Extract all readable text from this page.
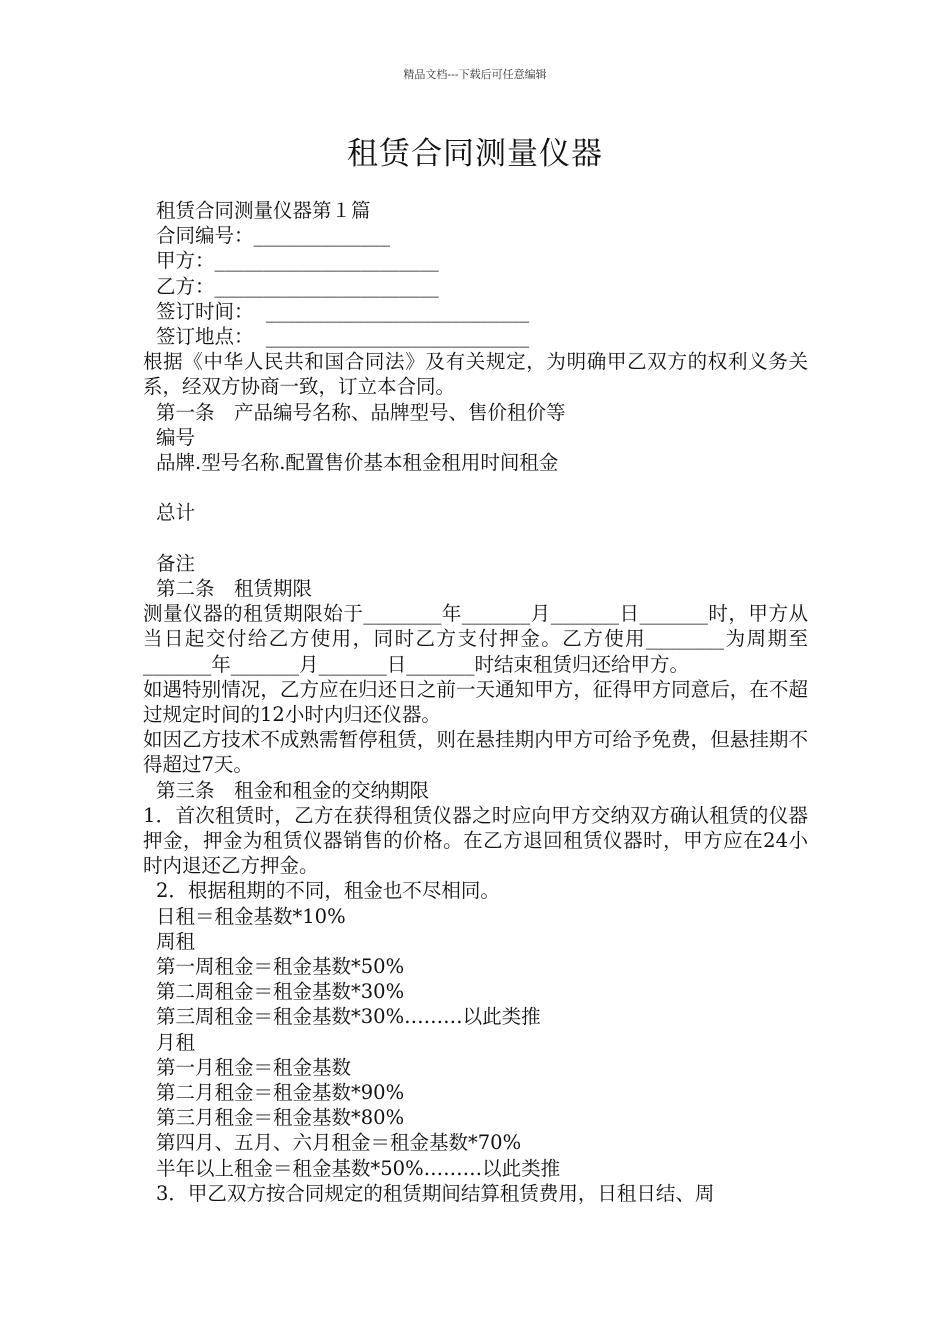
精品文档---下载后可任意编辑
租赁合同测量仪器
租赁合同测量仪器第１篇
合同编号：______________
甲方：_______________________
乙方：_______________________
签订时间：  ___________________________
签订地点：  ___________________________
根据《中华人民共和国合同法》及有关规定，为明确甲乙双方的权利义务关系，经双方协商一致，订立本合同。
第一条　产品编号名称、品牌型号、售价租价等
编号
品牌.型号名称.配置售价基本租金租用时间租金
总计
备注
第二条　租赁期限
测量仪器的租赁期限始于________年_______月_______日_______时，甲方从当日起交付给乙方使用，同时乙方支付押金。乙方使用________为周期至_______年_______月_______日_______时结束租赁归还给甲方。
如遇特别情况，乙方应在归还日之前一天通知甲方，征得甲方同意后，在不超过规定时间的12小时内归还仪器。
如因乙方技术不成熟需暂停租赁，则在悬挂期内甲方可给予免费，但悬挂期不得超过7天。
第三条　租金和租金的交纳期限
1．首次租赁时，乙方在获得租赁仪器之时应向甲方交纳双方确认租赁的仪器押金，押金为租赁仪器销售的价格。在乙方退回租赁仪器时，甲方应在24小时内退还乙方押金。
2．根据租期的不同，租金也不尽相同。
日租＝租金基数*10%
周租
第一周租金＝租金基数*50%
第二周租金＝租金基数*30%
第三周租金＝租金基数*30%………以此类推
月租
第一月租金＝租金基数
第二月租金＝租金基数*90%
第三月租金＝租金基数*80%
第四月、五月、六月租金＝租金基数*70%
半年以上租金＝租金基数*50%………以此类推
3．甲乙双方按合同规定的租赁期间结算租赁费用，日租日结、周
